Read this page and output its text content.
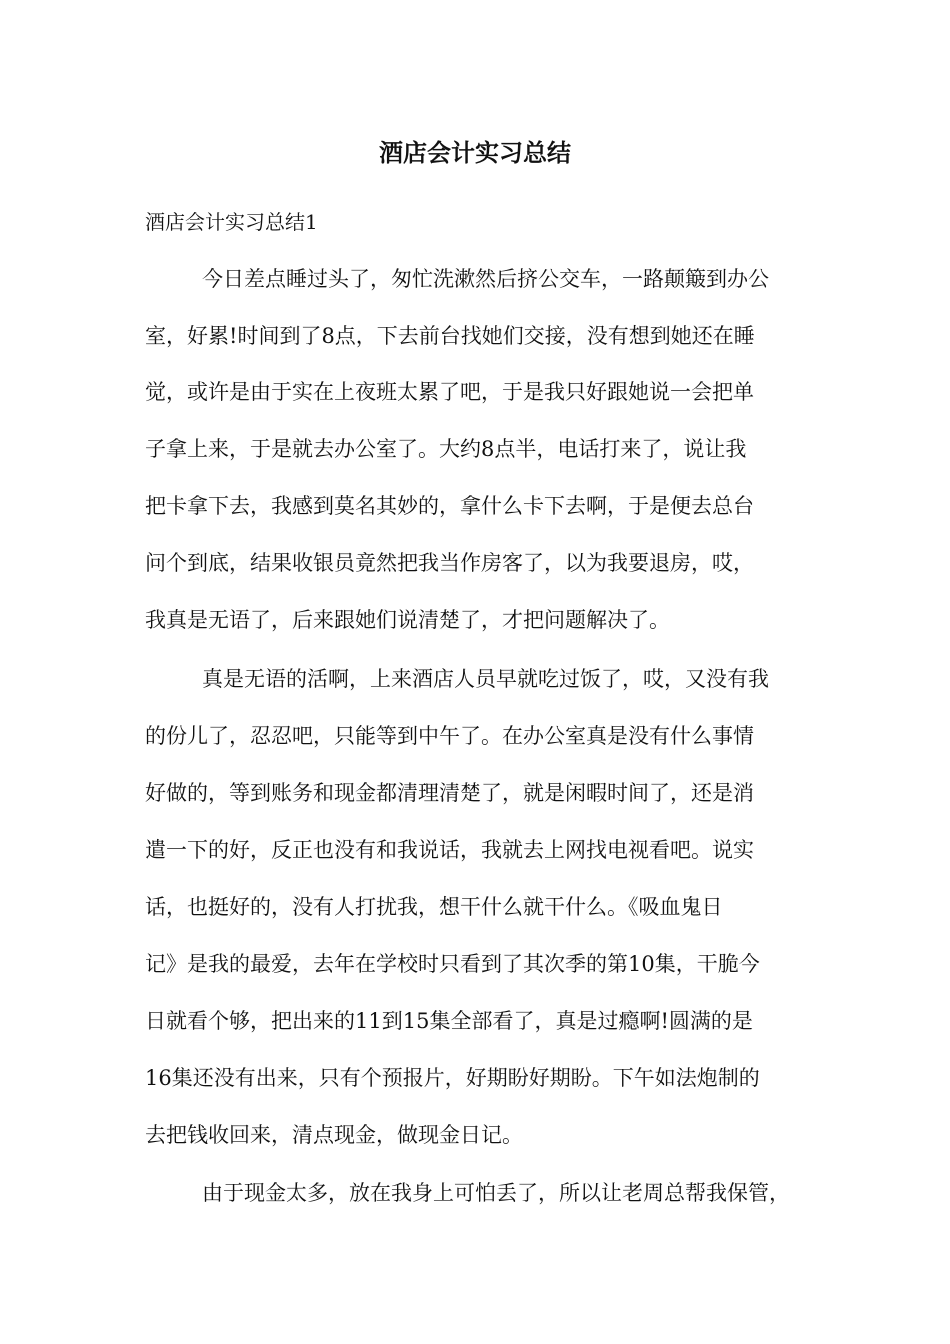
酒店会计实习总结

酒店会计实习总结1

今日差点睡过头了，匆忙洗漱然后挤公交车，一路颠簸到办公

室，好累!时间到了8点，下去前台找她们交接，没有想到她还在睡

觉，或许是由于实在上夜班太累了吧，于是我只好跟她说一会把单

子拿上来，于是就去办公室了。大约8点半，电话打来了，说让我

把卡拿下去，我感到莫名其妙的，拿什么卡下去啊，于是便去总台

问个到底，结果收银员竟然把我当作房客了，以为我要退房，哎，

我真是无语了，后来跟她们说清楚了，才把问题解决了。

真是无语的活啊，上来酒店人员早就吃过饭了，哎，又没有我

的份儿了，忍忍吧，只能等到中午了。在办公室真是没有什么事情

好做的，等到账务和现金都清理清楚了，就是闲暇时间了，还是消

遣一下的好，反正也没有和我说话，我就去上网找电视看吧。说实

话，也挺好的，没有人打扰我，想干什么就干什么。《吸血鬼日

记》是我的最爱，去年在学校时只看到了其次季的第10集，干脆今

日就看个够，把出来的11到15集全部看了，真是过瘾啊!圆满的是

16集还没有出来，只有个预报片，好期盼好期盼。下午如法炮制的

去把钱收回来，清点现金，做现金日记。

由于现金太多，放在我身上可怕丢了，所以让老周总帮我保管，
